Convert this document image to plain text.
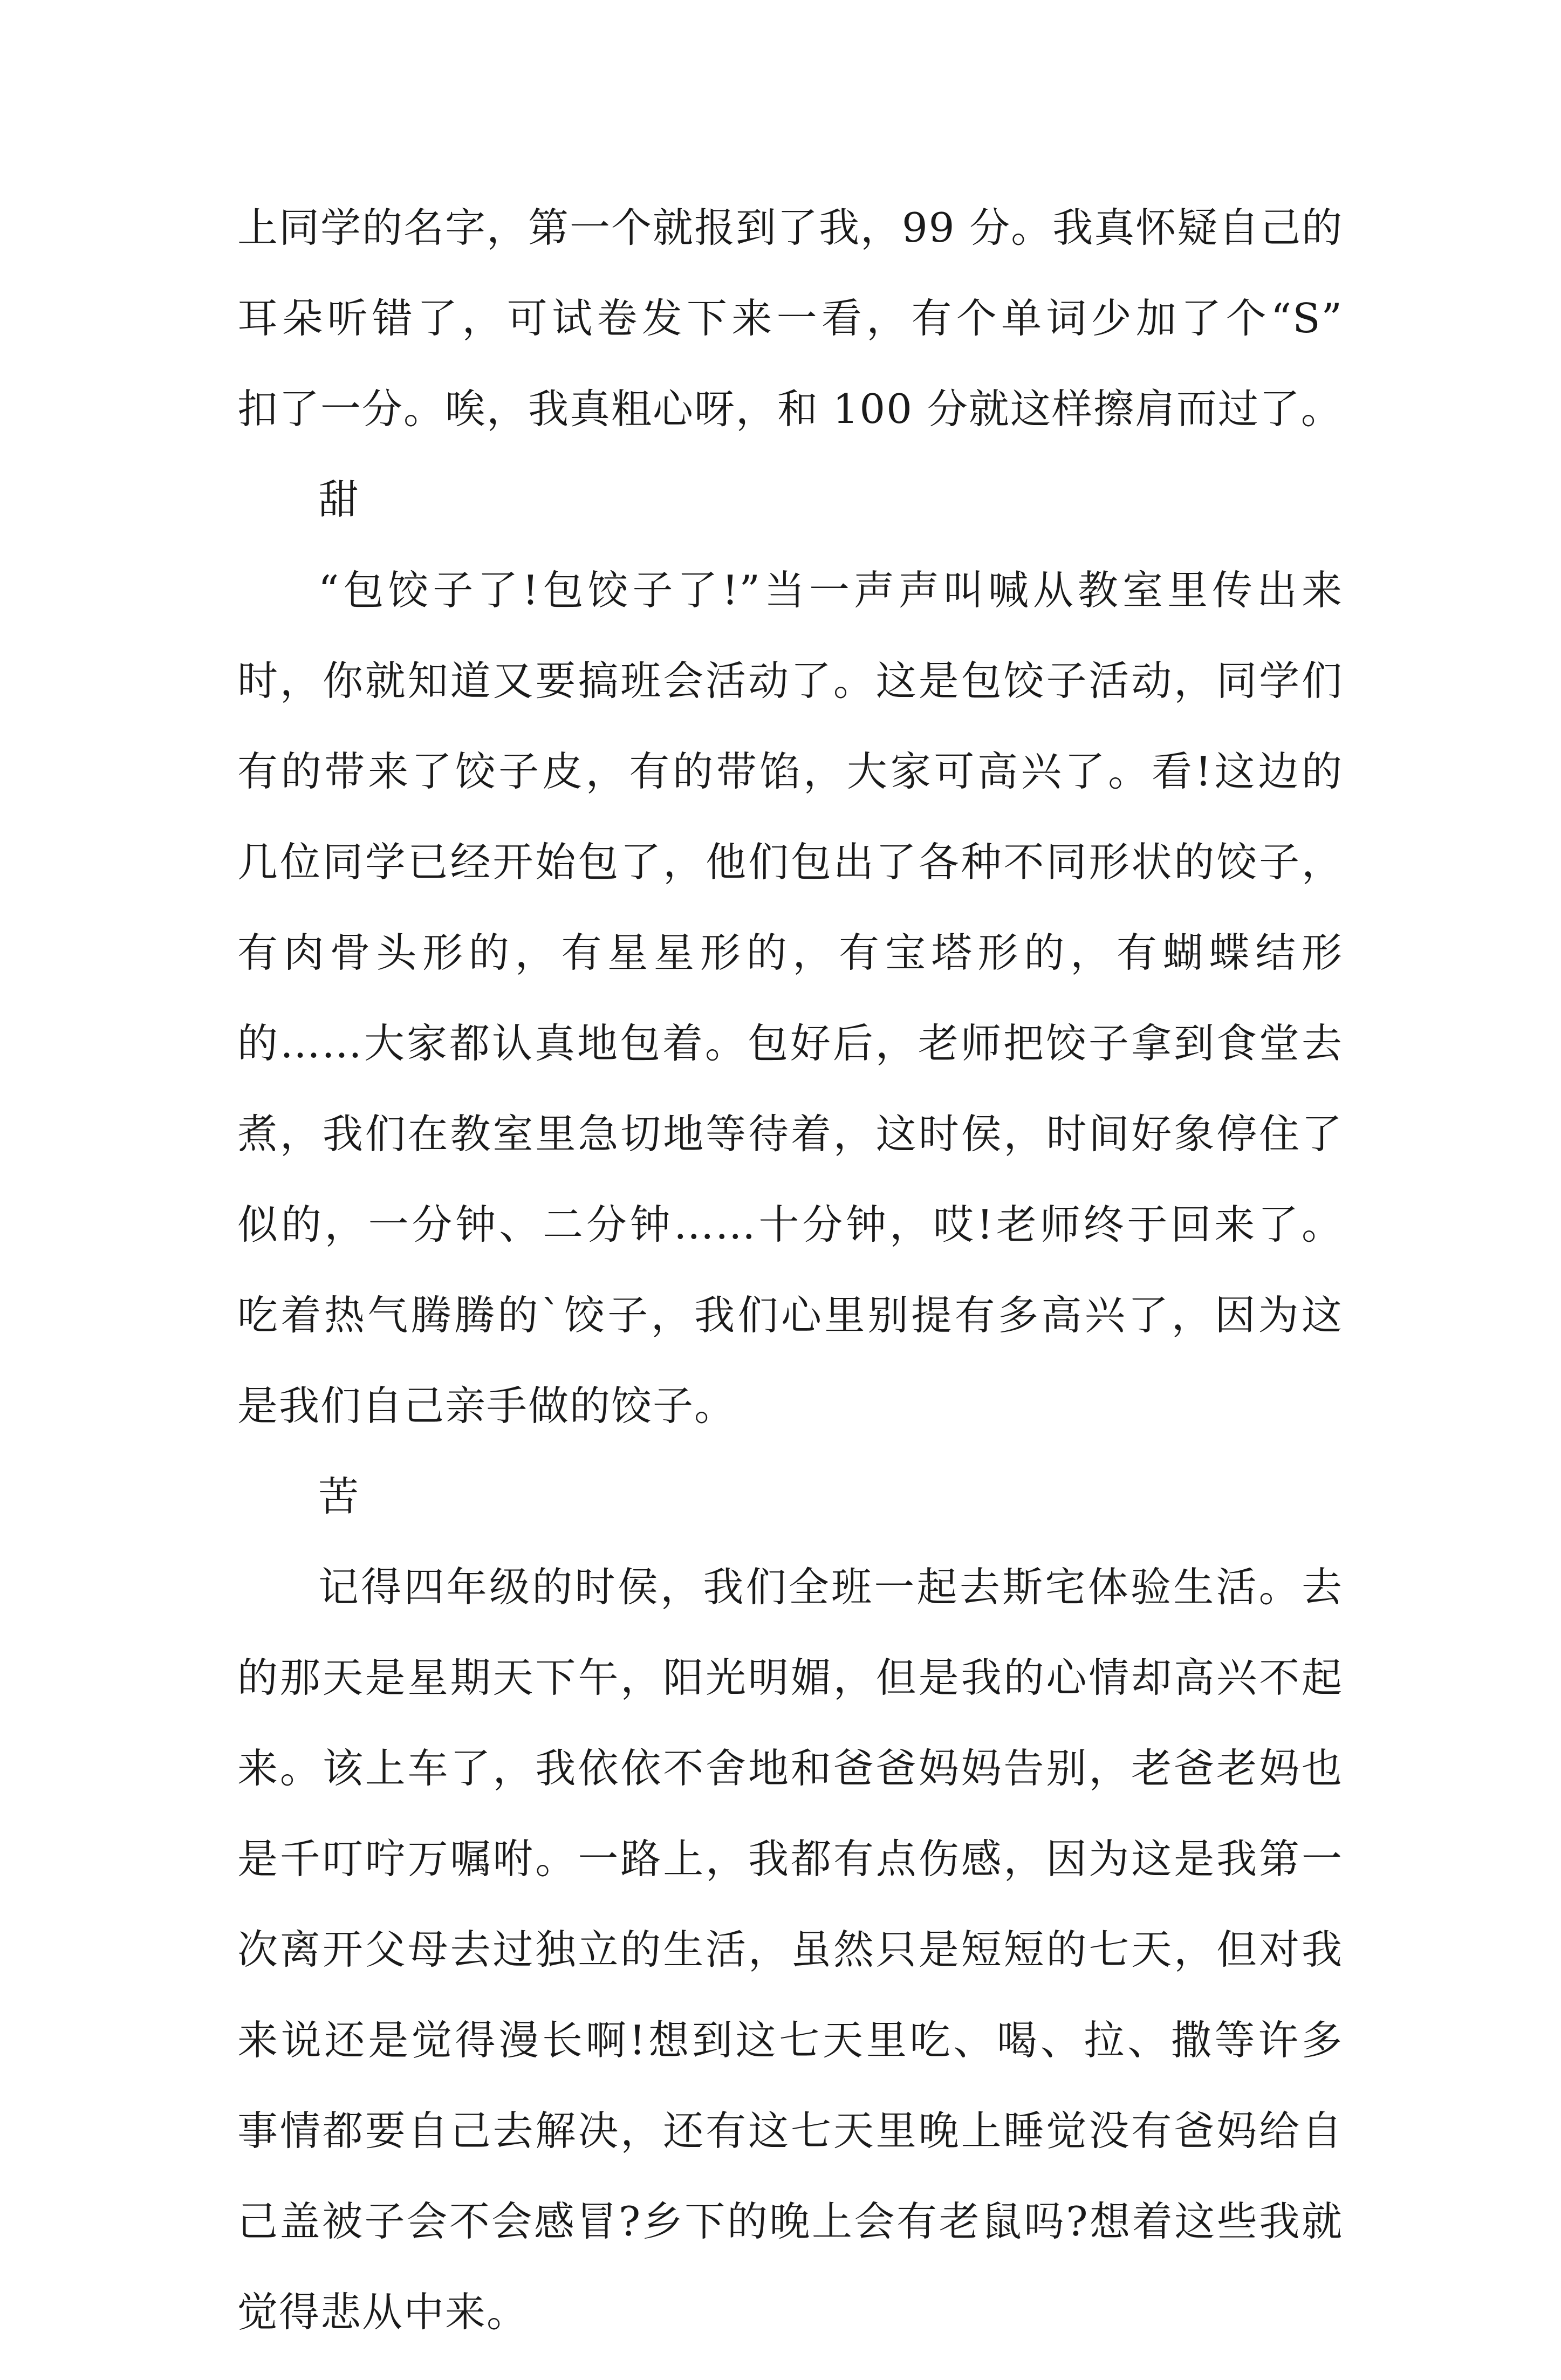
上同学的名字，第一个就报到了我，99 分。我真怀疑自己的
耳朵听错了，可试卷发下来一看，有个单词少加了个“S”
扣了一分。唉，我真粗心呀，和 100 分就这样擦肩而过了。
甜
“包饺子了!包饺子了!”当一声声叫喊从教室里传出来
时，你就知道又要搞班会活动了。这是包饺子活动，同学们
有的带来了饺子皮，有的带馅，大家可高兴了。看!这边的
几位同学已经开始包了，他们包出了各种不同形状的饺子，
有肉骨头形的，有星星形的，有宝塔形的，有蝴蝶结形
的……大家都认真地包着。包好后，老师把饺子拿到食堂去
煮，我们在教室里急切地等待着，这时侯，时间好象停住了
似的，一分钟、二分钟……十分钟，哎!老师终于回来了。
吃着热气腾腾的`饺子，我们心里别提有多高兴了，因为这
是我们自己亲手做的饺子。
苦
记得四年级的时侯，我们全班一起去斯宅体验生活。去
的那天是星期天下午，阳光明媚，但是我的心情却高兴不起
来。该上车了，我依依不舍地和爸爸妈妈告别，老爸老妈也
是千叮咛万嘱咐。一路上，我都有点伤感，因为这是我第一
次离开父母去过独立的生活，虽然只是短短的七天，但对我
来说还是觉得漫长啊!想到这七天里吃、喝、拉、撒等许多
事情都要自己去解决，还有这七天里晚上睡觉没有爸妈给自
己盖被子会不会感冒?乡下的晚上会有老鼠吗?想着这些我就
觉得悲从中来。
